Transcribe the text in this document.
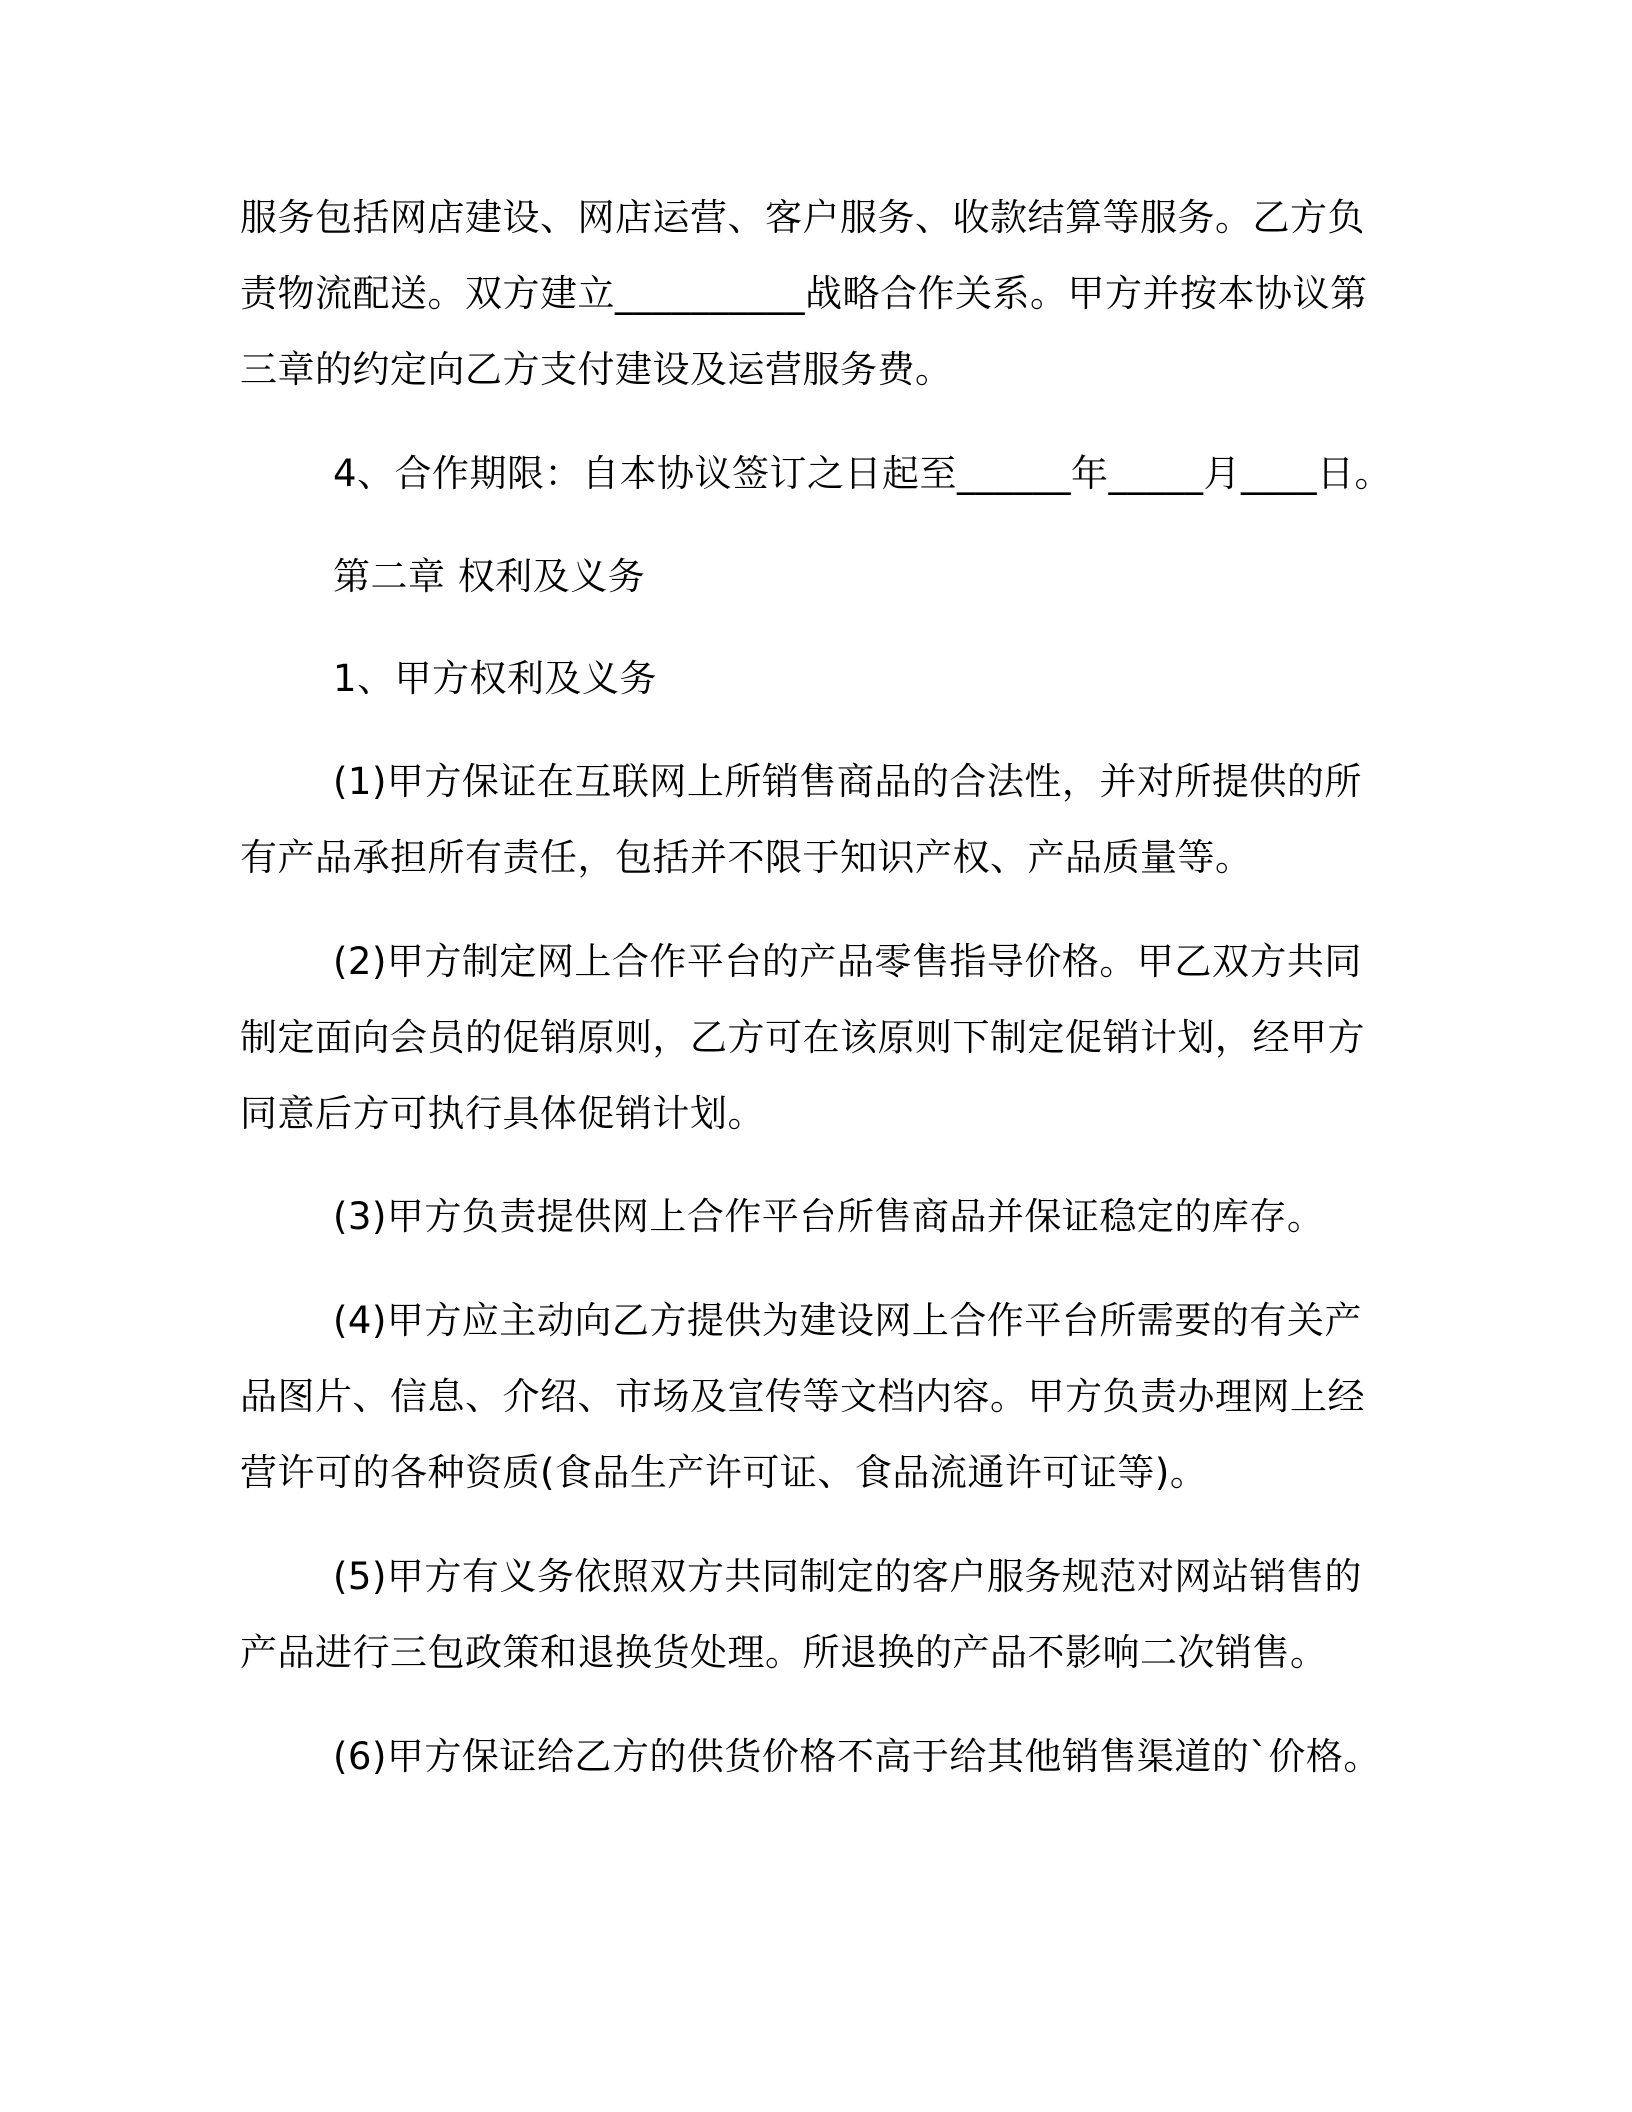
服务包括网店建设、网店运营、客户服务、收款结算等服务。乙方负
责物流配送。双方建立__________战略合作关系。甲方并按本协议第
三章的约定向乙方支付建设及运营服务费。
4、合作期限：自本协议签订之日起至______年_____月____日。
第二章 权利及义务
1、甲方权利及义务
(1)甲方保证在互联网上所销售商品的合法性，并对所提供的所
有产品承担所有责任，包括并不限于知识产权、产品质量等。
(2)甲方制定网上合作平台的产品零售指导价格。甲乙双方共同
制定面向会员的促销原则，乙方可在该原则下制定促销计划，经甲方
同意后方可执行具体促销计划。
(3)甲方负责提供网上合作平台所售商品并保证稳定的库存。
(4)甲方应主动向乙方提供为建设网上合作平台所需要的有关产
品图片、信息、介绍、市场及宣传等文档内容。甲方负责办理网上经
营许可的各种资质(食品生产许可证、食品流通许可证等)。
(5)甲方有义务依照双方共同制定的客户服务规范对网站销售的
产品进行三包政策和退换货处理。所退换的产品不影响二次销售。
(6)甲方保证给乙方的供货价格不高于给其他销售渠道的`价格。
